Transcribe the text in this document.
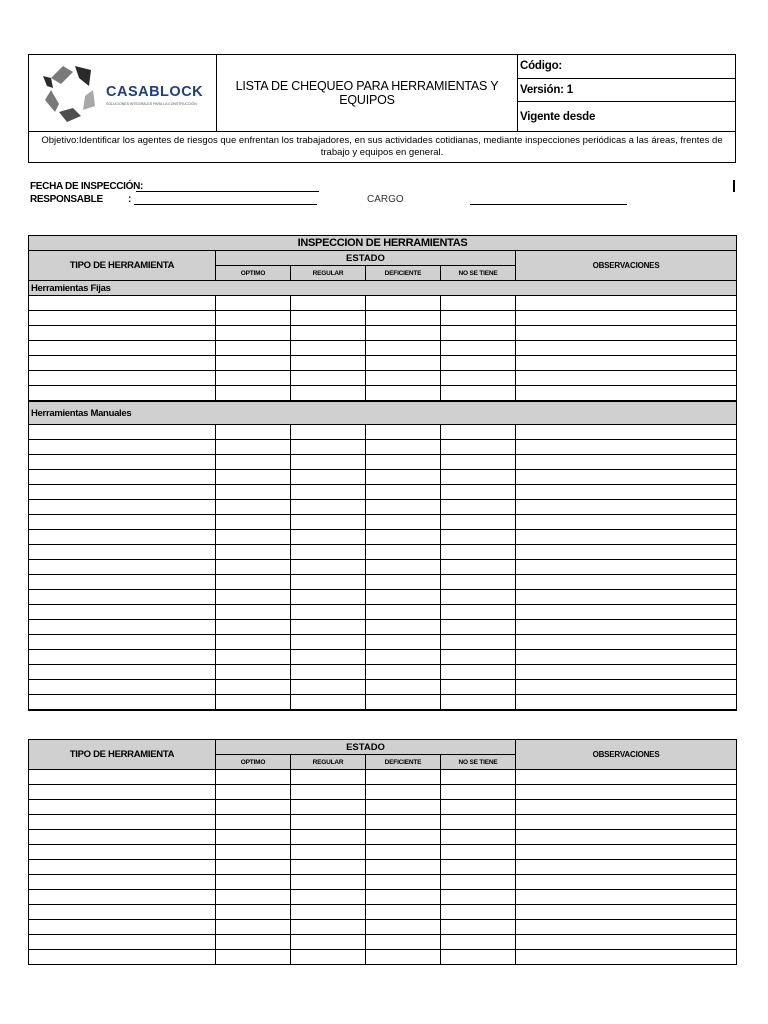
CASABLOCK
SOLUCIONES INTEGRALES PARA LA CONSTRUCCIÓN
	LISTA DE CHEQUEO PARA HERRAMIENTAS Y EQUIPOS	Código:
Versión: 1
Vigente desde
Objetivo:Identificar los agentes de riesgos que enfrentan los trabajadores, en sus actividades cotidianas, mediante inspecciones periódicas a las áreas, frentes de trabajo y equipos en general.
FECHA DE INSPECCIÓN:
RESPONSABLE	:	CARGO
INSPECCION DE HERRAMIENTAS					
TIPO DE HERRAMIENTA	ESTADO				OBSERVACIONES
	OPTIMO	REGULAR	DEFICIENTE	NO SE TIENE	
Herramientas Fijas					

Herramientas Manuales					

TIPO DE HERRAMIENTA	ESTADO				OBSERVACIONES
	OPTIMO	REGULAR	DEFICIENTE	NO SE TIENE	
